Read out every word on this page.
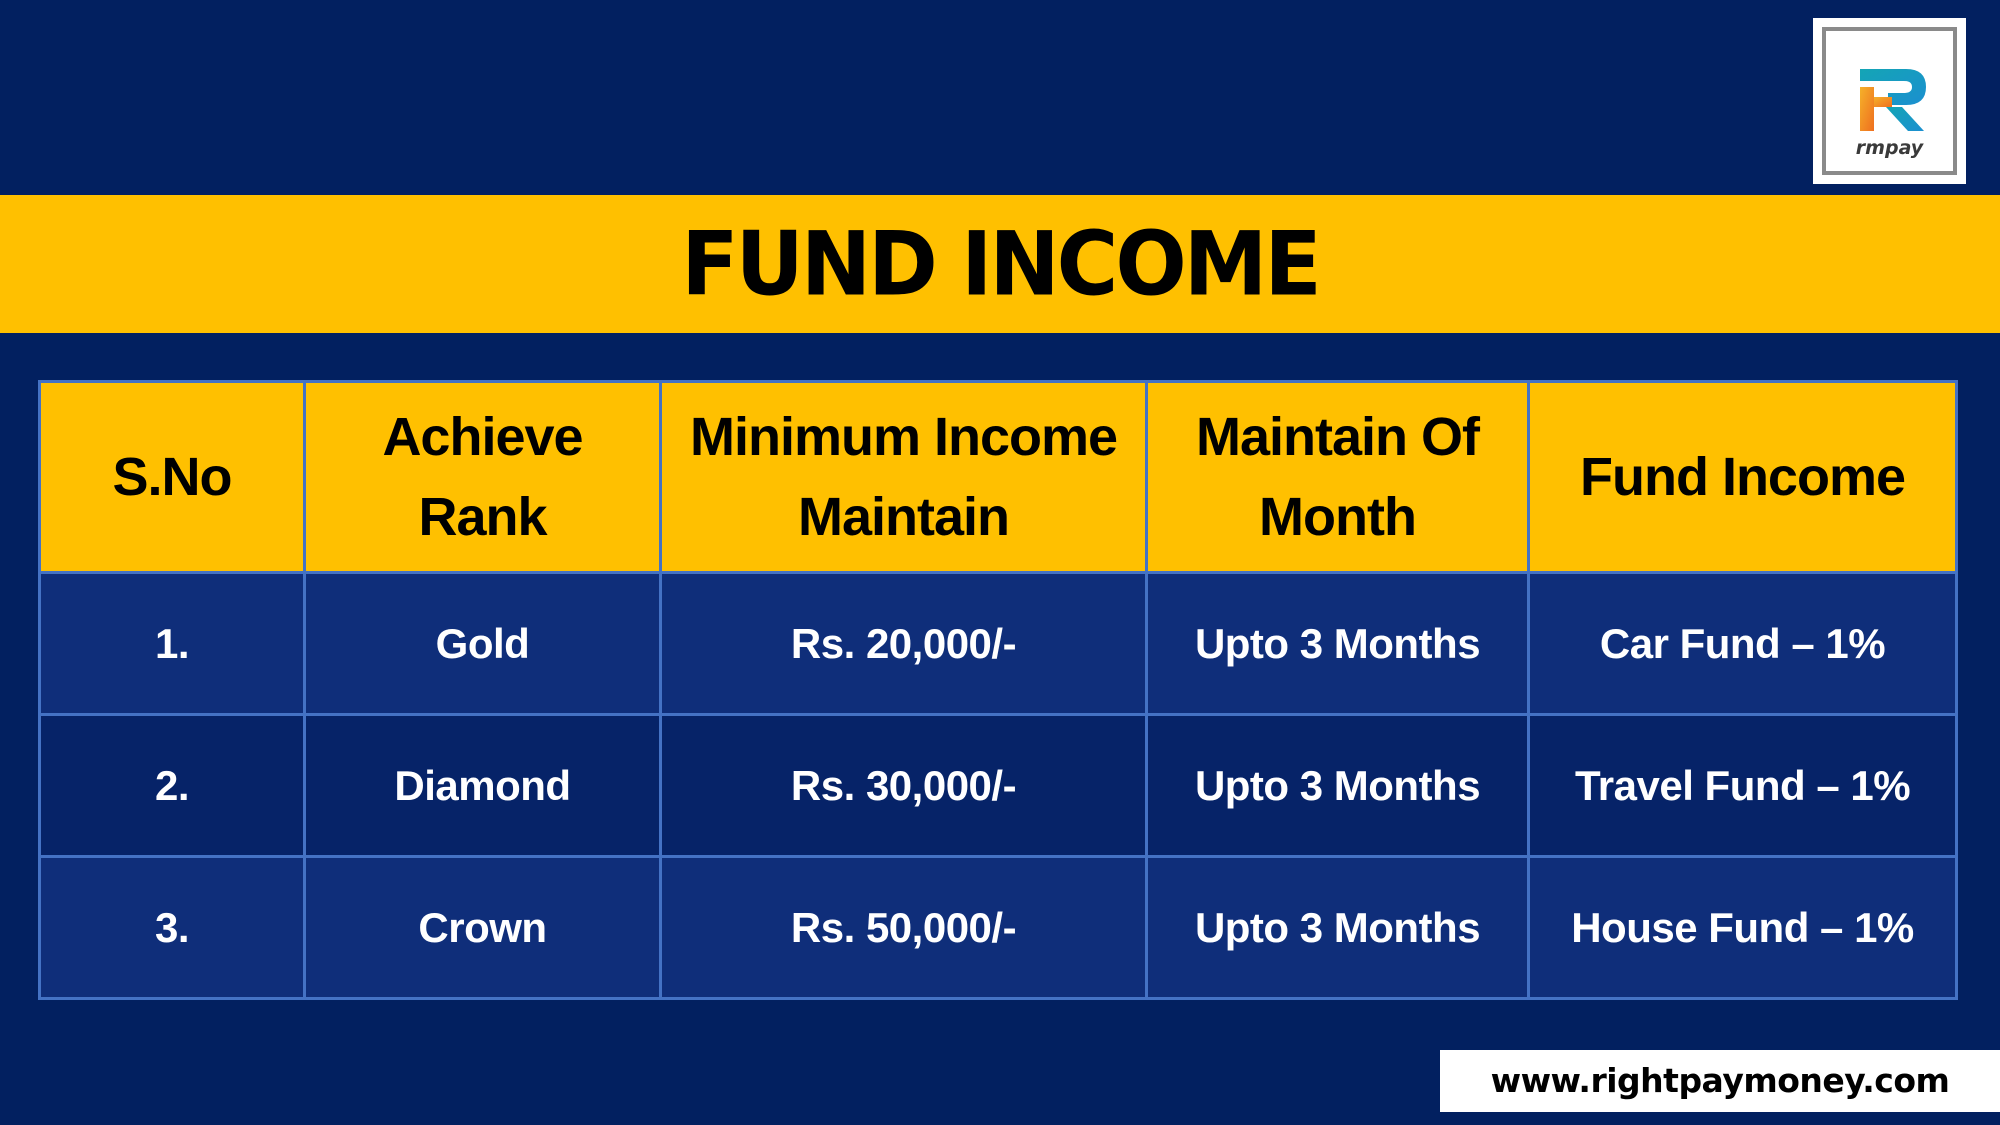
rmpay
FUND INCOME
S.No	Achieve Rank	Minimum Income Maintain	Maintain Of Month	Fund Income
1.	Gold	Rs. 20,000/-	Upto 3 Months	Car Fund – 1%
2.	Diamond	Rs. 30,000/-	Upto 3 Months	Travel Fund – 1%
3.	Crown	Rs. 50,000/-	Upto 3 Months	House Fund – 1%
www.rightpaymoney.com
